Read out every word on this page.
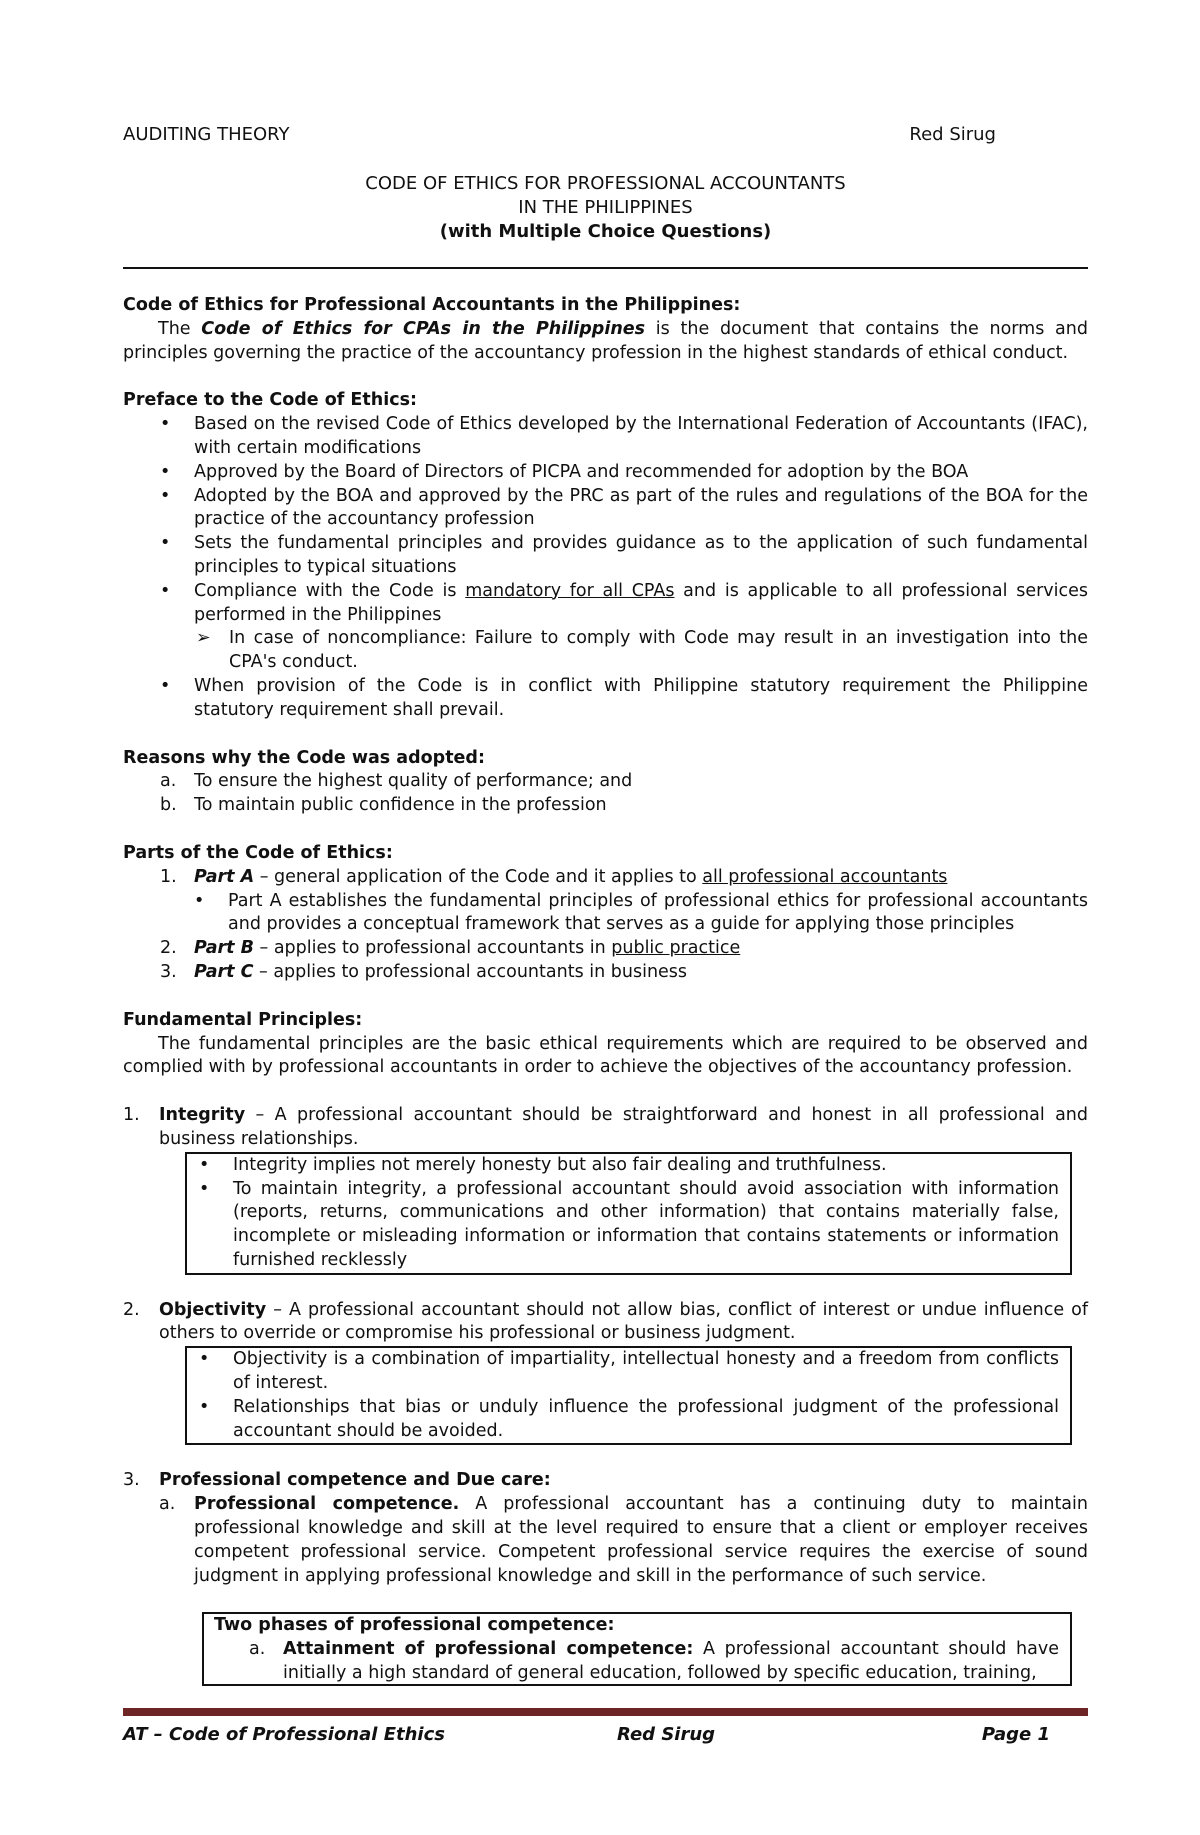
AUDITING THEORY	Red Sirug
CODE OF ETHICS FOR PROFESSIONAL ACCOUNTANTS
IN THE PHILIPPINES
(with Multiple Choice Questions)

Code of Ethics for Professional Accountants in the Philippines:

The Code of Ethics for CPAs in the Philippines is the document that contains the norms and principles governing the practice of the accountancy profession in the highest standards of ethical conduct.

Preface to the Code of Ethics:

• Based on the revised Code of Ethics developed by the International Federation of Accountants (IFAC), with certain modifications
• Approved by the Board of Directors of PICPA and recommended for adoption by the BOA
• Adopted by the BOA and approved by the PRC as part of the rules and regulations of the BOA for the practice of the accountancy profession
• Sets the fundamental principles and provides guidance as to the application of such fundamental principles to typical situations
• Compliance with the Code is mandatory for all CPAs and is applicable to all professional services performed in the Philippines
➢ In case of noncompliance: Failure to comply with Code may result in an investigation into the CPA's conduct.
• When provision of the Code is in conflict with Philippine statutory requirement the Philippine statutory requirement shall prevail.

Reasons why the Code was adopted:

a. To ensure the highest quality of performance; and
b. To maintain public confidence in the profession

Parts of the Code of Ethics:

1. Part A – general application of the Code and it applies to all professional accountants
• Part A establishes the fundamental principles of professional ethics for professional accountants and provides a conceptual framework that serves as a guide for applying those principles
2. Part B – applies to professional accountants in public practice
3. Part C – applies to professional accountants in business

Fundamental Principles:

The fundamental principles are the basic ethical requirements which are required to be observed and complied with by professional accountants in order to achieve the objectives of the accountancy profession.

1. Integrity – A professional accountant should be straightforward and honest in all professional and business relationships.
• Integrity implies not merely honesty but also fair dealing and truthfulness.
• To maintain integrity, a professional accountant should avoid association with information (reports, returns, communications and other information) that contains materially false, incomplete or misleading information or information that contains statements or information furnished recklessly
2. Objectivity – A professional accountant should not allow bias, conflict of interest or undue influence of others to override or compromise his professional or business judgment.
• Objectivity is a combination of impartiality, intellectual honesty and a freedom from conflicts of interest.
• Relationships that bias or unduly influence the professional judgment of the professional accountant should be avoided.
3. Professional competence and Due care:
a. Professional competence. A professional accountant has a continuing duty to maintain professional knowledge and skill at the level required to ensure that a client or employer receives competent professional service. Competent professional service requires the exercise of sound judgment in applying professional knowledge and skill in the performance of such service.
Two phases of professional competence:
a. Attainment of professional competence: A professional accountant should have initially a high standard of general education, followed by specific education, training,
AT – Code of Professional Ethics	Red Sirug	Page 1
